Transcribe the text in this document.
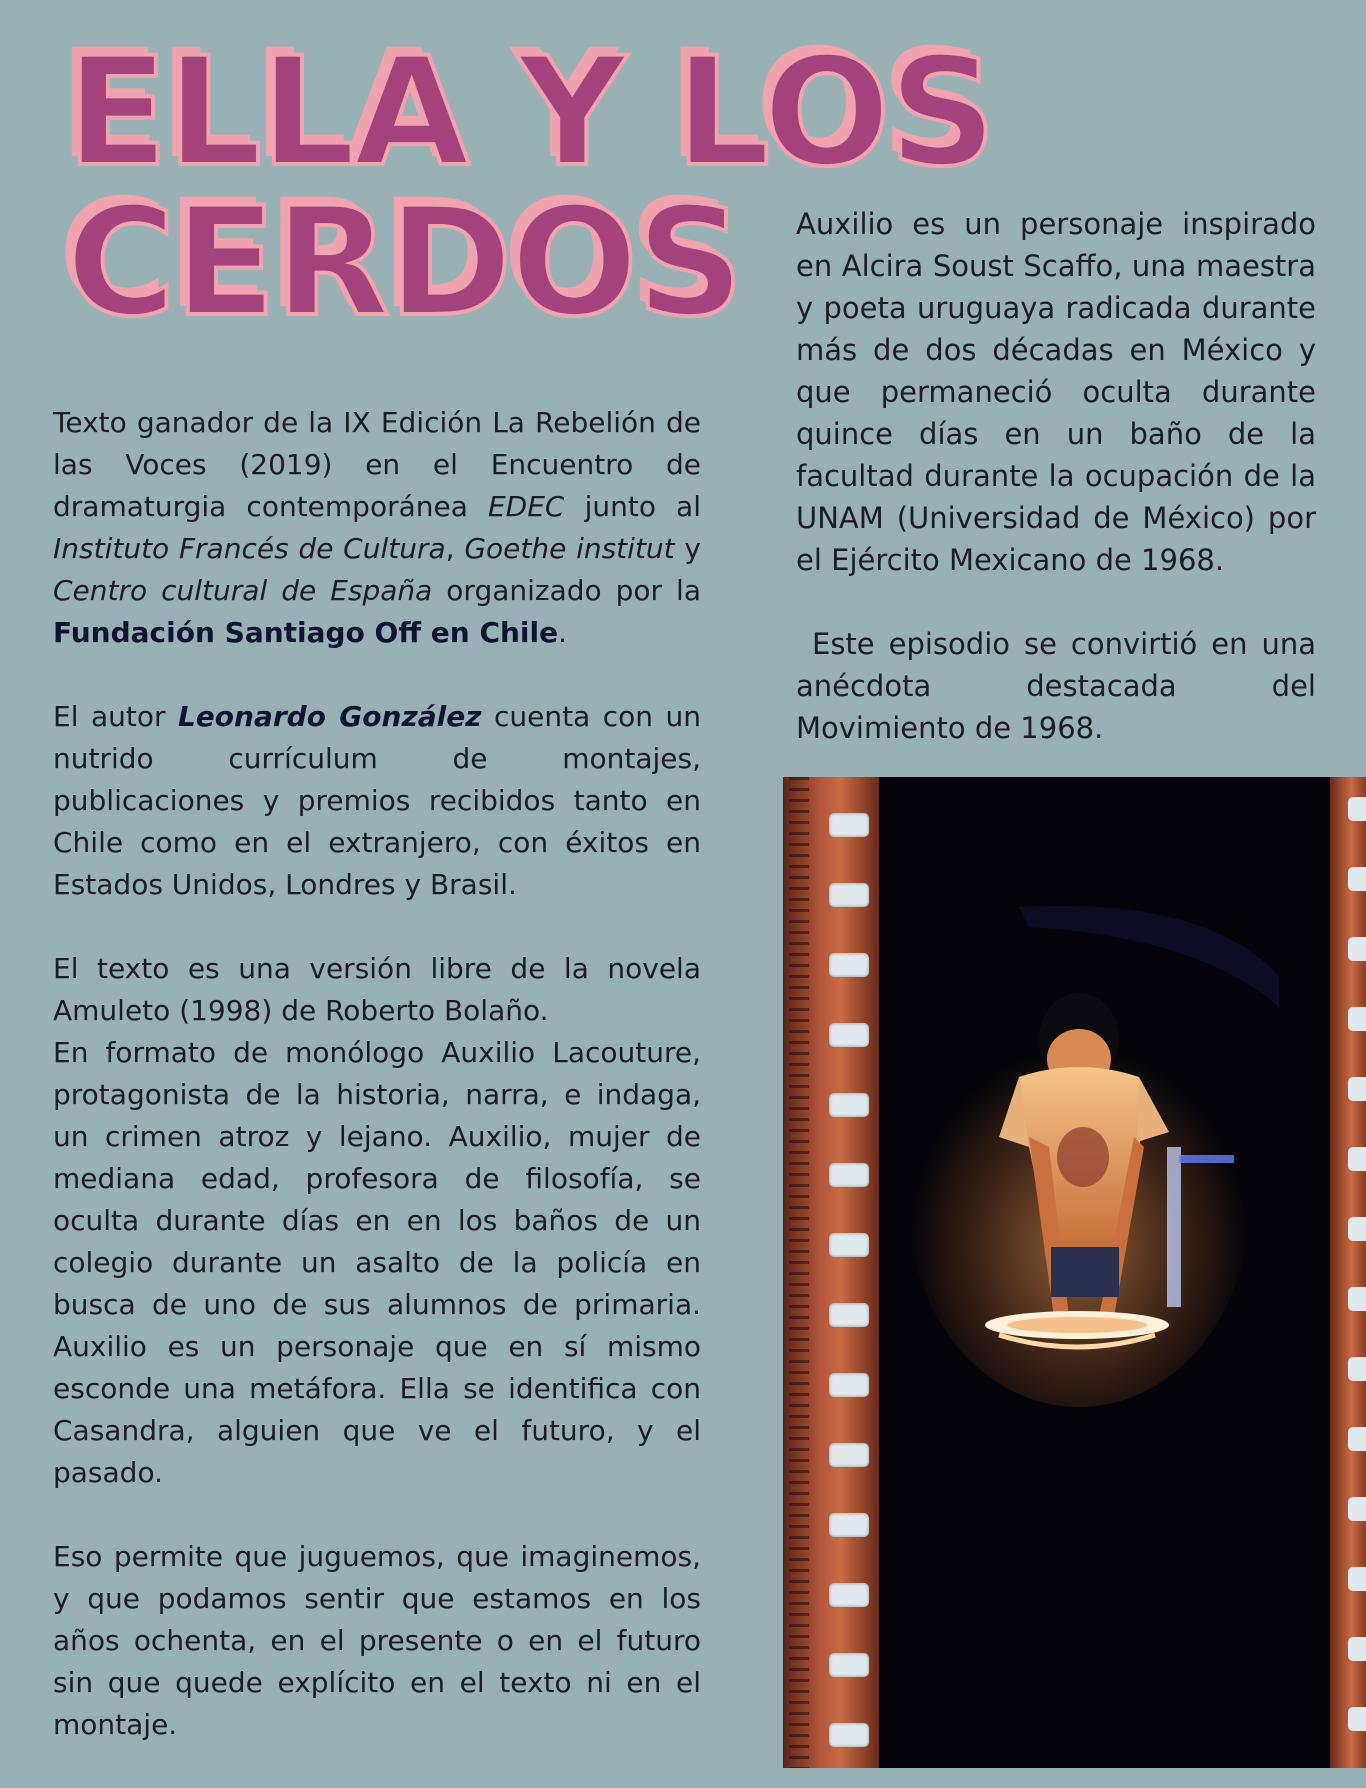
ELLA Y LOS
CERDOS

Texto ganador de la IX Edición La Rebelión de las Voces (2019) en el Encuentro de dramaturgia contemporánea EDEC junto al Instituto Francés de Cultura, Goethe institut y Centro cultural de España organizado por la Fundación Santiago Off en Chile.

El autor Leonardo González cuenta con un nutrido currículum de montajes, publicaciones y premios recibidos tanto en Chile como en el extranjero, con éxitos en Estados Unidos, Londres y Brasil.

El texto es una versión libre de la novela Amuleto (1998) de Roberto Bolaño.

En formato de monólogo Auxilio Lacouture, protagonista de la historia, narra, e indaga, un crimen atroz y lejano. Auxilio, mujer de mediana edad, profesora de filosofía, se oculta durante días en en los baños de un colegio durante un asalto de la policía en busca de uno de sus alumnos de primaria. Auxilio es un personaje que en sí mismo esconde una metáfora. Ella se identifica con Casandra, alguien que ve el futuro, y el pasado.

Eso permite que juguemos, que imaginemos, y que podamos sentir que estamos en los años ochenta, en el presente o en el futuro sin que quede explícito en el texto ni en el montaje.

Auxilio es un personaje inspirado en Alcira Soust Scaffo, una maestra y poeta uruguaya radicada durante más de dos décadas en México y que permaneció oculta durante quince días en un baño de la facultad durante la ocupación de la UNAM (Universidad de México) por el Ejército Mexicano de 1968.

Este episodio se convirtió en una anécdota destacada del Movimiento de 1968.
